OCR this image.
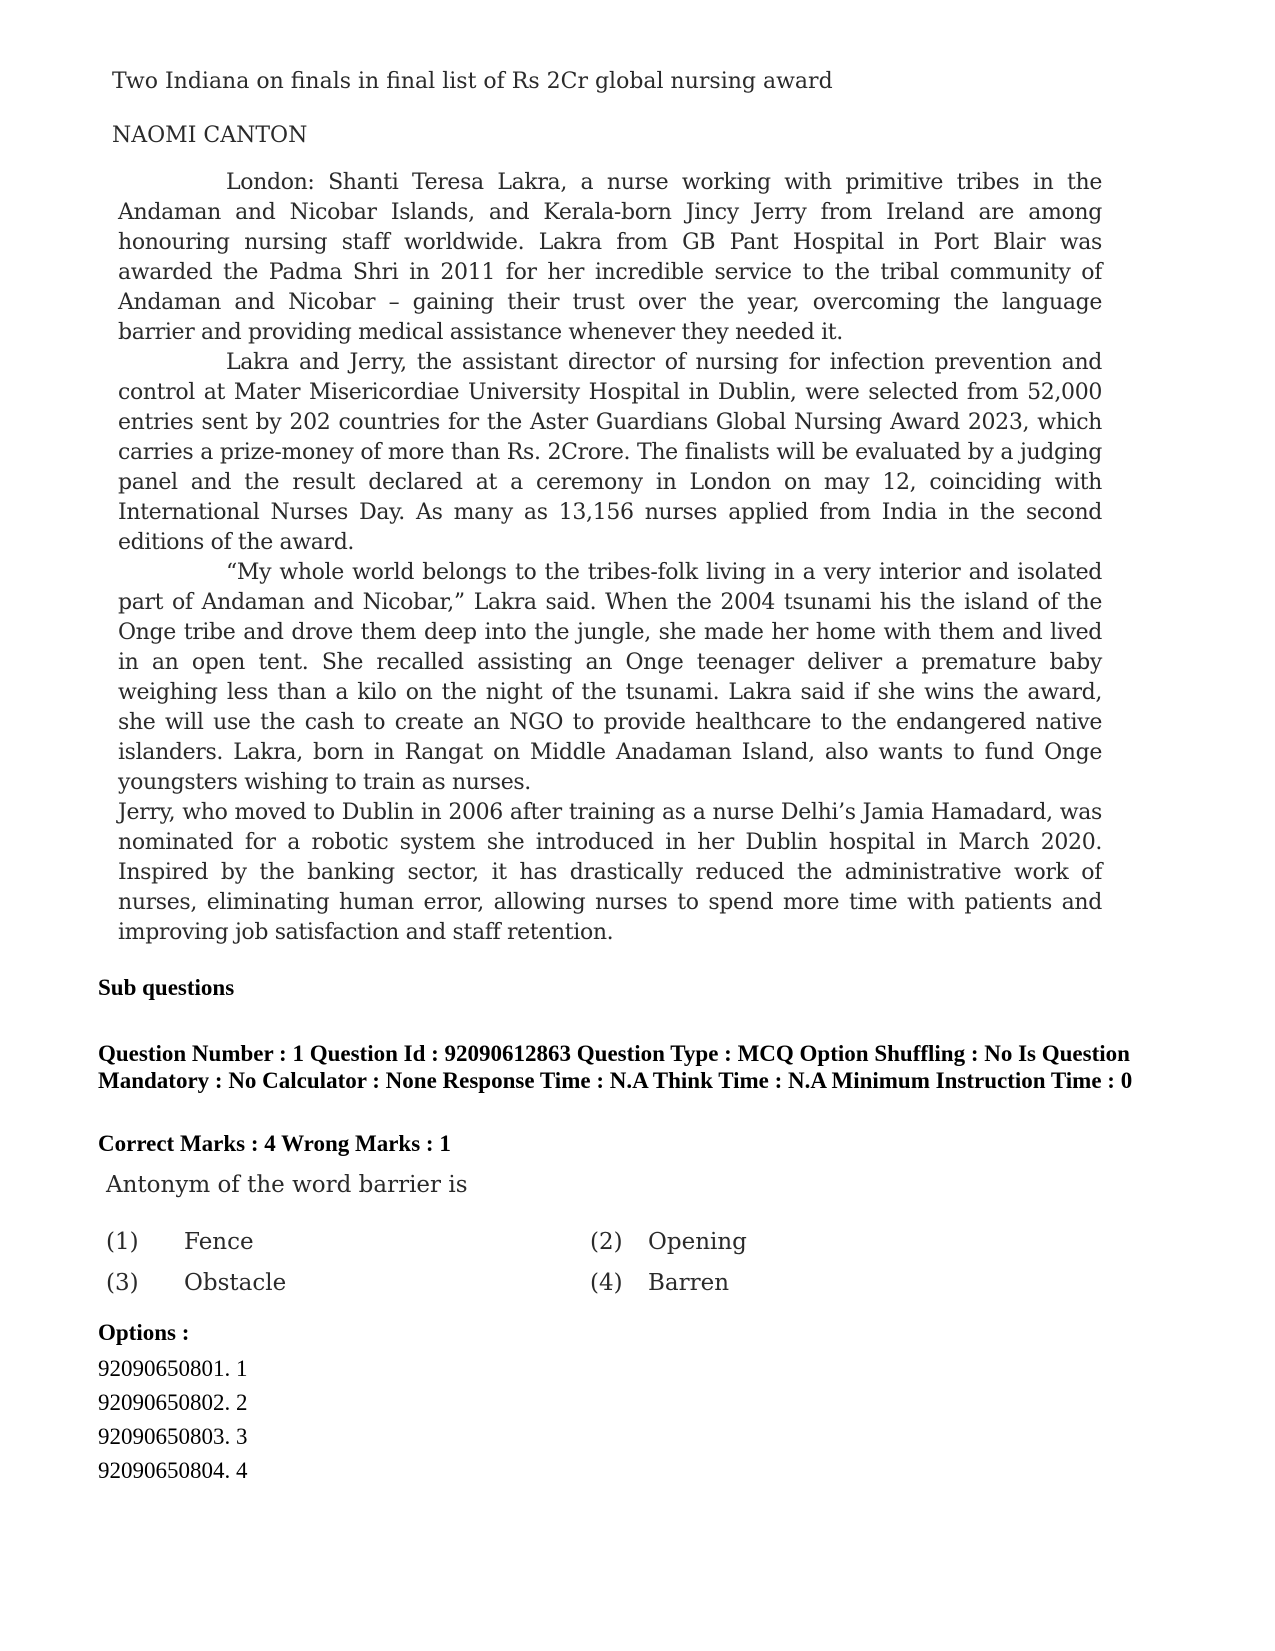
Two Indiana on finals in final list of Rs 2Cr global nursing award
NAOMI CANTON

London: Shanti Teresa Lakra, a nurse working with primitive tribes in the Andaman and Nicobar Islands, and Kerala-born Jincy Jerry from Ireland are among honouring nursing staff worldwide. Lakra from GB Pant Hospital in Port Blair was awarded the Padma Shri in 2011 for her incredible service to the tribal community of Andaman and Nicobar – gaining their trust over the year, overcoming the language barrier and providing medical assistance whenever they needed it.

Lakra and Jerry, the assistant director of nursing for infection prevention and control at Mater Misericordiae University Hospital in Dublin, were selected from 52,000 entries sent by 202 countries for the Aster Guardians Global Nursing Award 2023, which carries a prize-money of more than Rs. 2Crore. The finalists will be evaluated by a judging panel and the result declared at a ceremony in London on may 12, coinciding with International Nurses Day. As many as 13,156 nurses applied from India in the second editions of the award.

“My whole world belongs to the tribes-folk living in a very interior and isolated part of Andaman and Nicobar,” Lakra said. When the 2004 tsunami his the island of the Onge tribe and drove them deep into the jungle, she made her home with them and lived in an open tent. She recalled assisting an Onge teenager deliver a premature baby weighing less than a kilo on the night of the tsunami. Lakra said if she wins the award, she will use the cash to create an NGO to provide healthcare to the endangered native islanders. Lakra, born in Rangat on Middle Anadaman Island, also wants to fund Onge youngsters wishing to train as nurses.

Jerry, who moved to Dublin in 2006 after training as a nurse Delhi’s Jamia Hamadard, was nominated for a robotic system she introduced in her Dublin hospital in March 2020. Inspired by the banking sector, it has drastically reduced the administrative work of nurses, eliminating human error, allowing nurses to spend more time with patients and improving job satisfaction and staff retention.

Sub questions
Question Number : 1 Question Id : 92090612863 Question Type : MCQ Option Shuffling : No Is Question Mandatory : No Calculator : None Response Time : N.A Think Time : N.A Minimum Instruction Time : 0
Correct Marks : 4 Wrong Marks : 1
Antonym of the word barrier is
(1) Fence	(2) Opening
(3) Obstacle	(4) Barren
Options :
92090650801. 1
92090650802. 2
92090650803. 3
92090650804. 4
